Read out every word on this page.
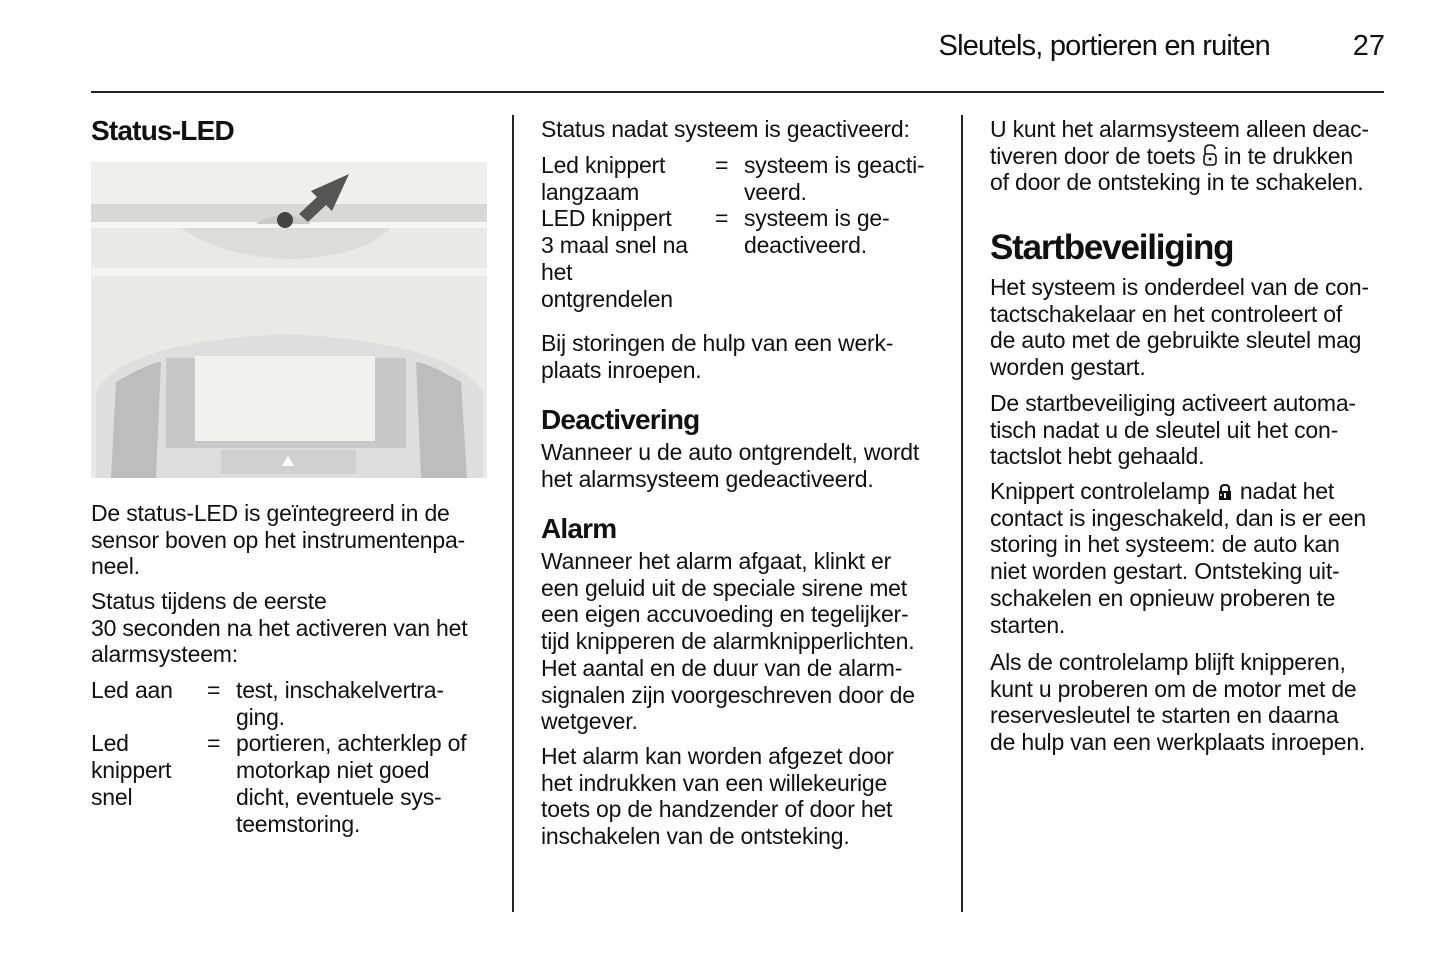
Sleutels, portieren en ruiten	27
Status-LED
De status-LED is geïntegreerd in de
sensor boven op het instrumentenpa-
neel.
Status tijdens de eerste
30 seconden na het activeren van het
alarmsysteem:
Led aan	= test, inschakelvertra-
ging.
Led
knippert
snel
= portieren, achterklep of
motorkap niet goed
dicht, eventuele sys-
teemstoring.
Status nadat systeem is geactiveerd:
Led knippert
langzaam
= systeem is geacti-
veerd.
LED knippert
3 maal snel na
het
ontgrendelen
= systeem is ge-
deactiveerd.
Bij storingen de hulp van een werk-
plaats inroepen.
Deactivering
Wanneer u de auto ontgrendelt, wordt
het alarmsysteem gedeactiveerd.
Alarm
Wanneer het alarm afgaat, klinkt er
een geluid uit de speciale sirene met
een eigen accuvoeding en tegelijker-
tijd knipperen de alarmknipperlichten.
Het aantal en de duur van de alarm-
signalen zijn voorgeschreven door de
wetgever.
Het alarm kan worden afgezet door
het indrukken van een willekeurige
toets op de handzender of door het
inschakelen van de ontsteking.
U kunt het alarmsysteem alleen deac-
tiveren door de toets  in te drukken
of door de ontsteking in te schakelen.
Startbeveiliging
Het systeem is onderdeel van de con-
tactschakelaar en het controleert of
de auto met de gebruikte sleutel mag
worden gestart.
De startbeveiliging activeert automa-
tisch nadat u de sleutel uit het con-
tactslot hebt gehaald.
Knippert controlelamp  nadat het
contact is ingeschakeld, dan is er een
storing in het systeem: de auto kan
niet worden gestart. Ontsteking uit-
schakelen en opnieuw proberen te
starten.
Als de controlelamp blijft knipperen,
kunt u proberen om de motor met de
reservesleutel te starten en daarna
de hulp van een werkplaats inroepen.
